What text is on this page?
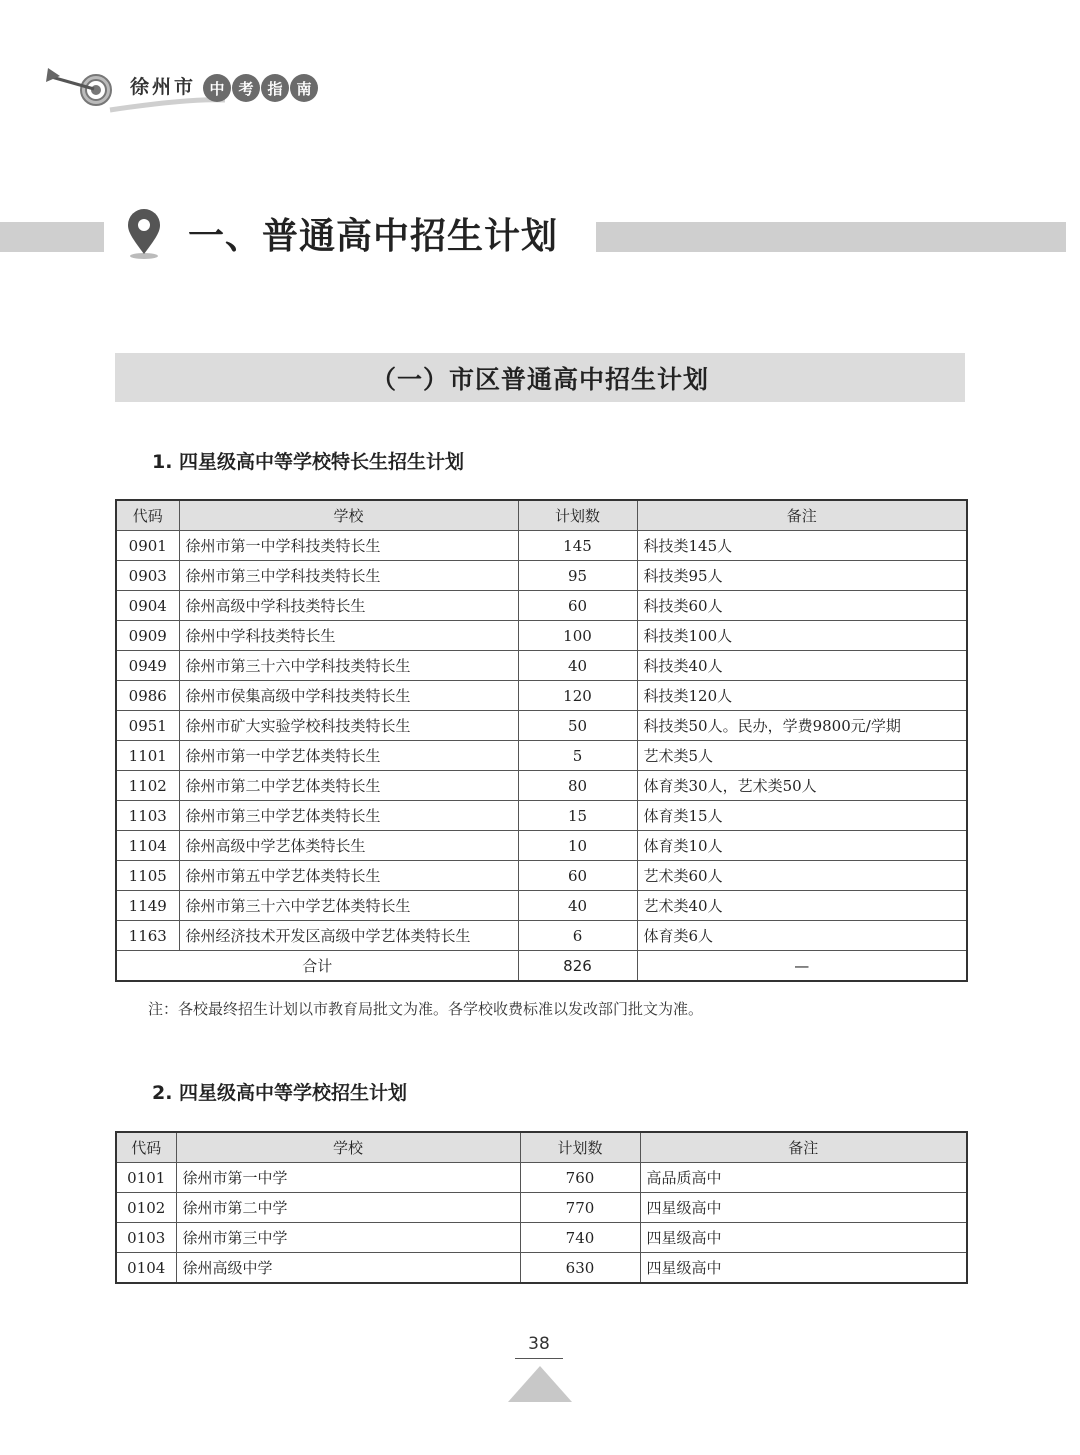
徐州市 中 考 指 南
一、普通高中招生计划
（一）市区普通高中招生计划
1. 四星级高中等学校特长生招生计划
代码	学校	计划数	备注
0901	徐州市第一中学科技类特长生	145	科技类145人
0903	徐州市第三中学科技类特长生	95	科技类95人
0904	徐州高级中学科技类特长生	60	科技类60人
0909	徐州中学科技类特长生	100	科技类100人
0949	徐州市第三十六中学科技类特长生	40	科技类40人
0986	徐州市侯集高级中学科技类特长生	120	科技类120人
0951	徐州市矿大实验学校科技类特长生	50	科技类50人。民办，学费9800元/学期
1101	徐州市第一中学艺体类特长生	5	艺术类5人
1102	徐州市第二中学艺体类特长生	80	体育类30人，艺术类50人
1103	徐州市第三中学艺体类特长生	15	体育类15人
1104	徐州高级中学艺体类特长生	10	体育类10人
1105	徐州市第五中学艺体类特长生	60	艺术类60人
1149	徐州市第三十六中学艺体类特长生	40	艺术类40人
1163	徐州经济技术开发区高级中学艺体类特长生	6	体育类6人
合计		826	—
注：各校最终招生计划以市教育局批文为准。各学校收费标准以发改部门批文为准。
2. 四星级高中等学校招生计划
代码	学校	计划数	备注
0101	徐州市第一中学	760	高品质高中
0102	徐州市第二中学	770	四星级高中
0103	徐州市第三中学	740	四星级高中
0104	徐州高级中学	630	四星级高中
38
